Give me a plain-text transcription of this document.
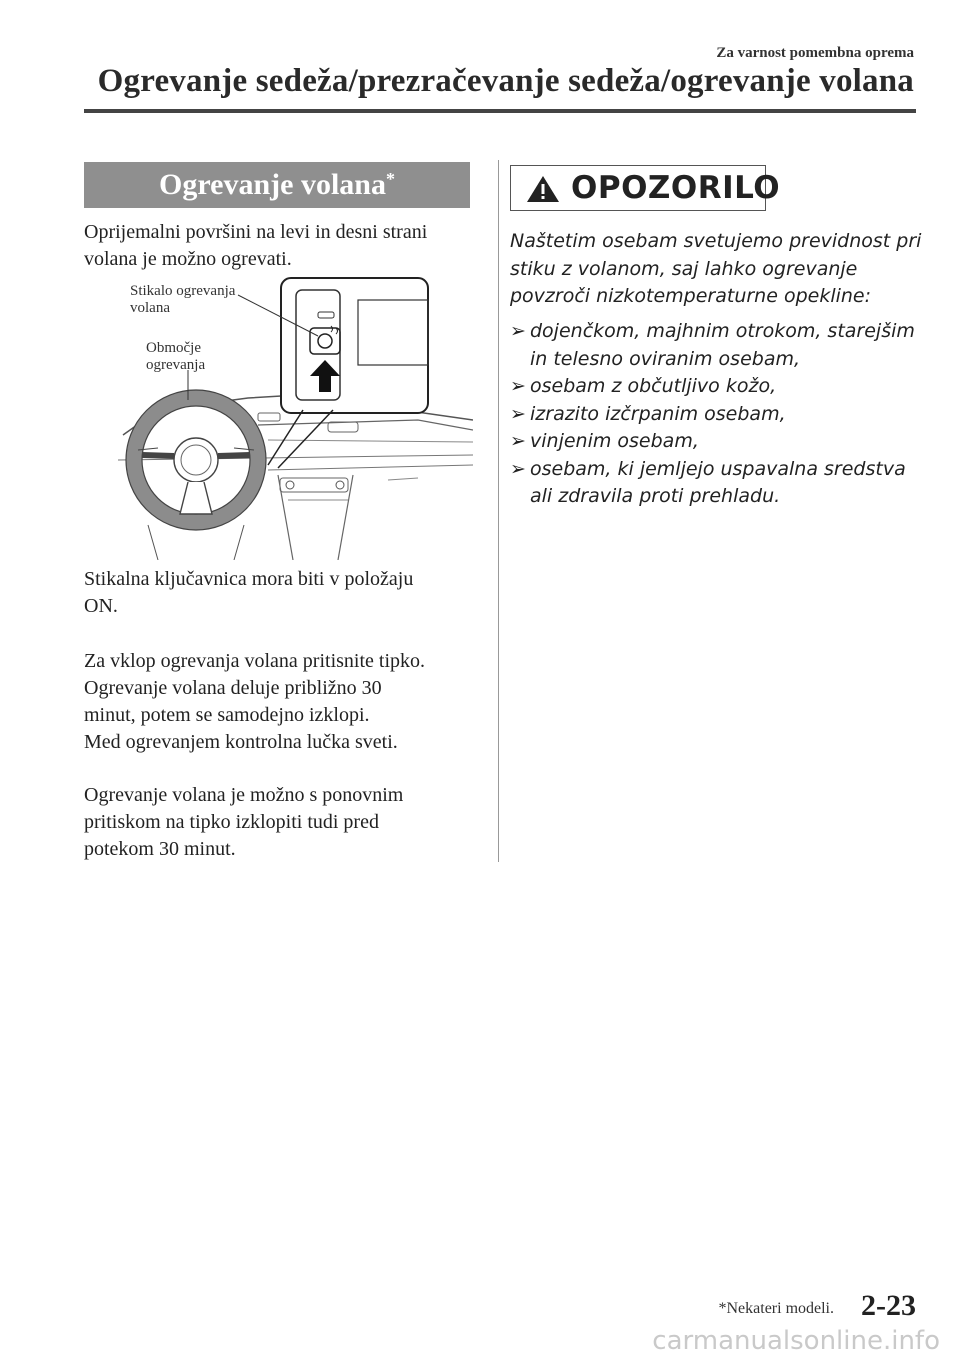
Za varnost pomembna oprema
Ogrevanje sedeža/prezračevanje sedeža/ogrevanje volana
Ogrevanje volana*

Oprijemalni površini na levi in desni strani
volana je možno ogrevati.

Stikalo ogrevanja
volana
Območje
ogrevanja

Stikalna ključavnica mora biti v položaju
ON.

Za vklop ogrevanja volana pritisnite tipko.
Ogrevanje volana deluje približno 30
minut, potem se samodejno izklopi.
Med ogrevanjem kontrolna lučka sveti.

Ogrevanje volana je možno s ponovnim
pritiskom na tipko izklopiti tudi pred
potekom 30 minut.

OPOZORILO

Naštetim osebam svetujemo previdnost pri
stiku z volanom, saj lahko ogrevanje
povzroči nizkotemperaturne opekline:

➢ dojenčkom, majhnim otrokom, starejšim
in telesno oviranim osebam,
➢ osebam z občutljivo kožo,
➢ izrazito izčrpanim osebam,
➢ vinjenim osebam,
➢ osebam, ki jemljejo uspavalna sredstva
ali zdravila proti prehladu.
*Nekateri modeli. 2-23
carmanualsonline.info
